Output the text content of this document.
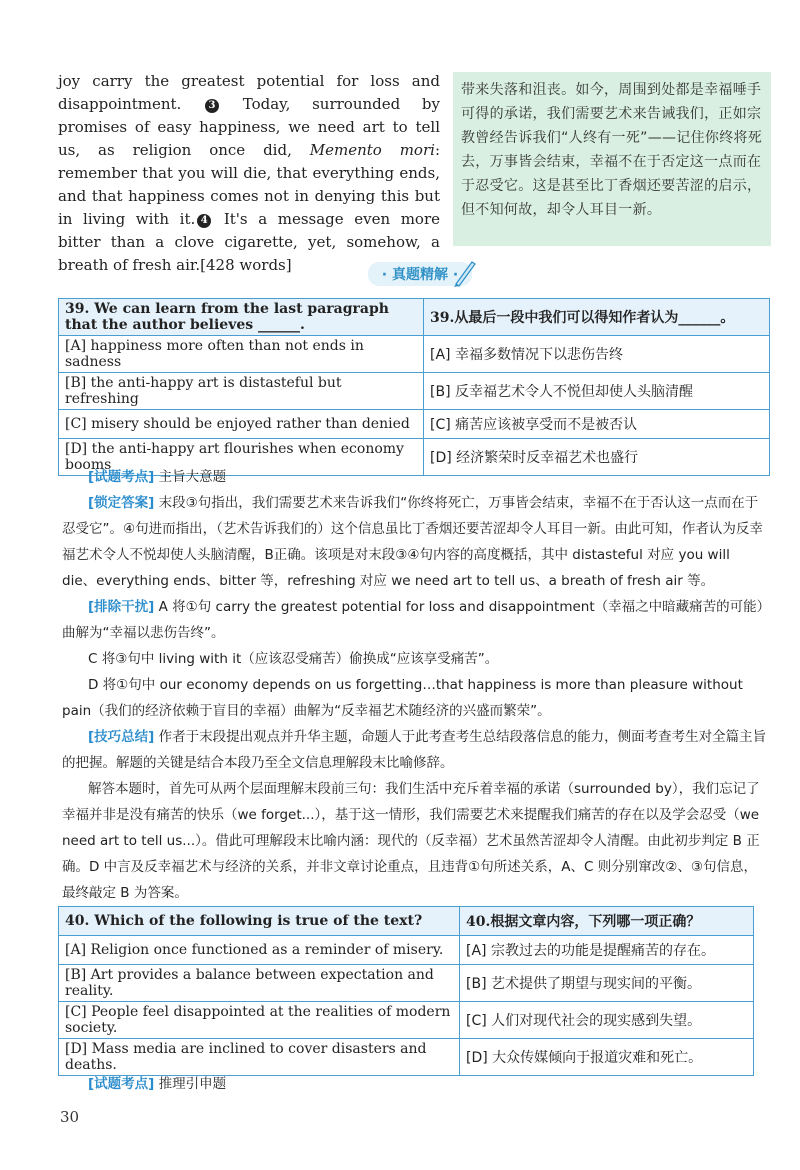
joy carry the greatest potential for loss and disappointment.	3 Today, surrounded by promises of easy happiness, we need art to tell us, as religion once did, Memento mori: remember that you will die, that everything ends, and that happiness comes not in denying this but in living with it. 4 It's a message even more bitter than a clove cigarette, yet, somehow, a breath of fresh air.[428 words]
带来失落和沮丧。如今，周围到处都是幸福唾手可得的承诺，我们需要艺术来告诫我们，正如宗教曾经告诉我们“人终有一死”——记住你终将死去，万事皆会结束，幸福不在于否定这一点而在于忍受它。这是甚至比丁香烟还要苦涩的启示，但不知何故，却令人耳目一新。
· 真题精解 ·
39. We can learn from the last paragraph that the author believes ______.	39.从最后一段中我们可以得知作者认为______。
[A] happiness more often than not ends in sadness	[A] 幸福多数情况下以悲伤告终
[B] the anti-happy art is distasteful but refreshing	[B] 反幸福艺术令人不悦但却使人头脑清醒
[C] misery should be enjoyed rather than denied	[C] 痛苦应该被享受而不是被否认
[D] the anti-happy art flourishes when economy booms	[D] 经济繁荣时反幸福艺术也盛行

[试题考点] 主旨大意题

[锁定答案] 末段③句指出，我们需要艺术来告诉我们“你终将死亡，万事皆会结束，幸福不在于否认这一点而在于忍受它”。④句进而指出，（艺术告诉我们的）这个信息虽比丁香烟还要苦涩却令人耳目一新。由此可知，作者认为反幸福艺术令人不悦却使人头脑清醒，B正确。该项是对末段③④句内容的高度概括，其中 distasteful 对应 you will die、everything ends、bitter 等，refreshing 对应 we need art to tell us、a breath of fresh air 等。

[排除干扰] A 将①句 carry the greatest potential for loss and disappointment（幸福之中暗藏痛苦的可能）曲解为“幸福以悲伤告终”。

C 将③句中 living with it（应该忍受痛苦）偷换成“应该享受痛苦”。

D 将①句中 our economy depends on us forgetting…that happiness is more than pleasure without pain（我们的经济依赖于盲目的幸福）曲解为“反幸福艺术随经济的兴盛而繁荣”。

[技巧总结] 作者于末段提出观点并升华主题，命题人于此考查考生总结段落信息的能力，侧面考查考生对全篇主旨的把握。解题的关键是结合本段乃至全文信息理解段末比喻修辞。

解答本题时，首先可从两个层面理解末段前三句：我们生活中充斥着幸福的承诺（surrounded by），我们忘记了幸福并非是没有痛苦的快乐（we forget...），基于这一情形，我们需要艺术来提醒我们痛苦的存在以及学会忍受（we need art to tell us...）。借此可理解段末比喻内涵：现代的（反幸福）艺术虽然苦涩却令人清醒。由此初步判定 B 正确。D 中言及反幸福艺术与经济的关系，并非文章讨论重点，且违背①句所述关系，A、C 则分别窜改②、③句信息，最终敲定 B 为答案。

40. Which of the following is true of the text?	40.根据文章内容，下列哪一项正确？
[A] Religion once functioned as a reminder of misery.	[A] 宗教过去的功能是提醒痛苦的存在。
[B] Art provides a balance between expectation and reality.	[B] 艺术提供了期望与现实间的平衡。
[C] People feel disappointed at the realities of modern society.	[C] 人们对现代社会的现实感到失望。
[D] Mass media are inclined to cover disasters and deaths.	[D] 大众传媒倾向于报道灾难和死亡。
[试题考点] 推理引申题
30
